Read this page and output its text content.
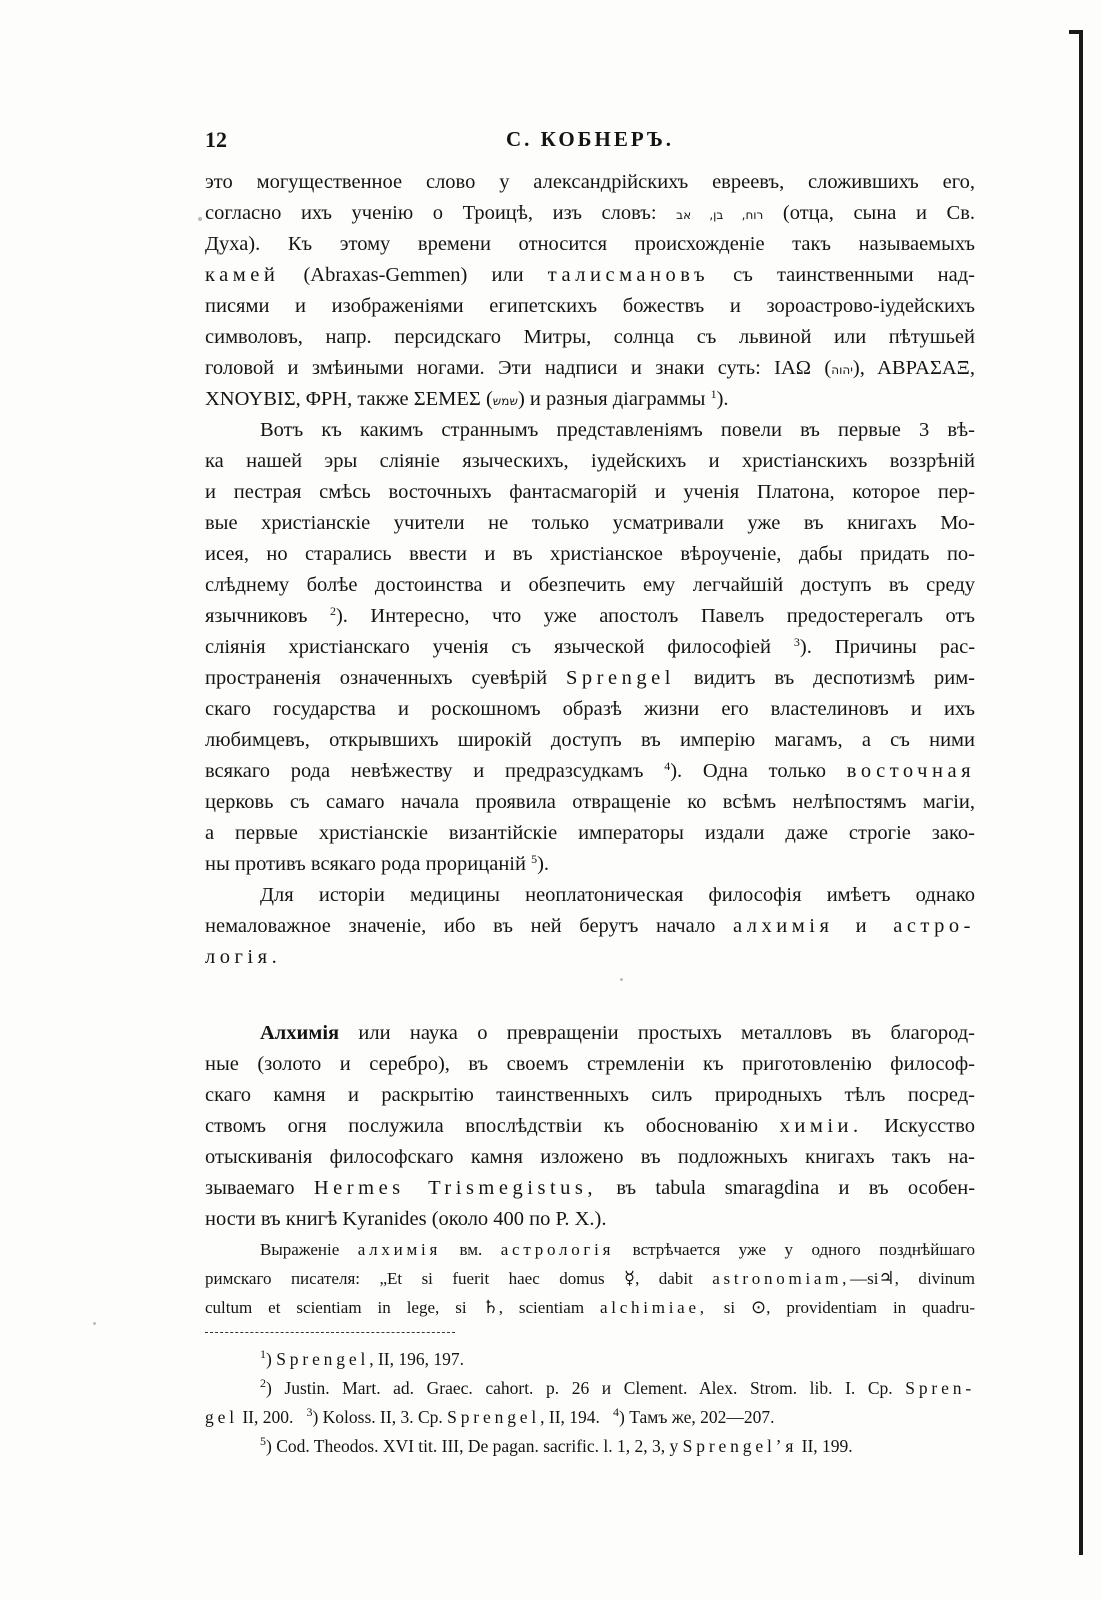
12	С. КОБНЕРЪ.
это могущественное слово у александрійскихъ евреевъ, сложившихъ его,
согласно ихъ ученію о Троицѣ, изъ словъ: רוח, בן, אב (отца, сына и Св.
Духа). Къ этому времени относится происхожденіе такъ называемыхъ
камей (Abraxas-Gemmen) или талисмановъ съ таинственными над-
писями и изображеніями египетскихъ божествъ и зороастрово-іудейскихъ
символовъ, напр. персидскаго Митры, солнца съ львиной или пѣтушьей
головой и змѣиными ногами. Эти надписи и знаки суть: ΙΑΩ (יהוה), ΑΒΡΑΣΑΞ,
ΧΝΟΥΒΙΣ, ΦΡΗ, также ΣΕΜΕΣ (שמש) и разныя діаграммы $^1$).
Вотъ къ какимъ страннымъ представленіямъ повели въ первые 3 вѣ-
ка нашей эры сліяніе языческихъ, іудейскихъ и христіанскихъ воззрѣній
и пестрая смѣсь восточныхъ фантасмагорій и ученія Платона, которое пер-
вые христіанскіе учители не только усматривали уже въ книгахъ Мо-
исея, но старались ввести и въ христіанское вѣроученіе, дабы придать по-
слѣднему болѣе достоинства и обезпечить ему легчайшій доступъ въ среду
язычниковъ $^2$). Интересно, что уже апостолъ Павелъ предостерегалъ отъ
сліянія христіанскаго ученія съ языческой философіей $^3$). Причины рас-
пространенія означенныхъ суевѣрій Sprengel видитъ въ деспотизмѣ рим-
скаго государства и роскошномъ образѣ жизни его властелиновъ и ихъ
любимцевъ, открывшихъ широкій доступъ въ имперію магамъ, а съ ними
всякаго рода невѣжеству и предразсудкамъ $^4$). Одна только восточная
церковь съ самаго начала проявила отвращеніе ко всѣмъ нелѣпостямъ магіи,
а первые христіанскіе византійскіе императоры издали даже строгіе зако-
ны противъ всякаго рода прорицаній $^5$).
Для исторіи медицины неоплатоническая философія имѣетъ однако
немаловажное значеніе, ибо въ ней берутъ начало алхимія и астро-
логія.
Алхимія или наука о превращеніи простыхъ металловъ въ благород-
ные (золото и серебро), въ своемъ стремленіи къ приготовленію философ-
скаго камня и раскрытію таинственныхъ силъ природныхъ тѣлъ посред-
ствомъ огня послужила впослѣдствіи къ обоснованію химіи. Искусство
отыскиванія философскаго камня изложено въ подложныхъ книгахъ такъ на-
зываемаго Hermes Trismegistus, въ tabula smaragdina и въ особен-
ности въ книгѣ Kyranides (около 400 по Р. Х.).
Выраженіе алхимія вм. астрологія встрѣчается уже у одного позднѣйшаго
римскаго писателя: „Et si fuerit haec domus ☿, dabit astronomiam,—si♃, divinum
cultum et scientiam in lege, si ♄, scientiam alchimiae, si ⊙, providentiam in quadru-
$^1$) Sprengel, II, 196, 197.
$^2$) Justin. Mart. ad. Graec. cahort. p. 26 и Clement. Alex. Strom. lib. I. Cp. Spren-
gel II, 200. $^3$) Koloss. II, 3. Cp. Sprengel, II, 194. $^4$) Тамъ же, 202—207.
$^5$) Cod. Theodos. XVI tit. III, De pagan. sacrific. l. 1, 2, 3, у Sprengel’я II, 199.
